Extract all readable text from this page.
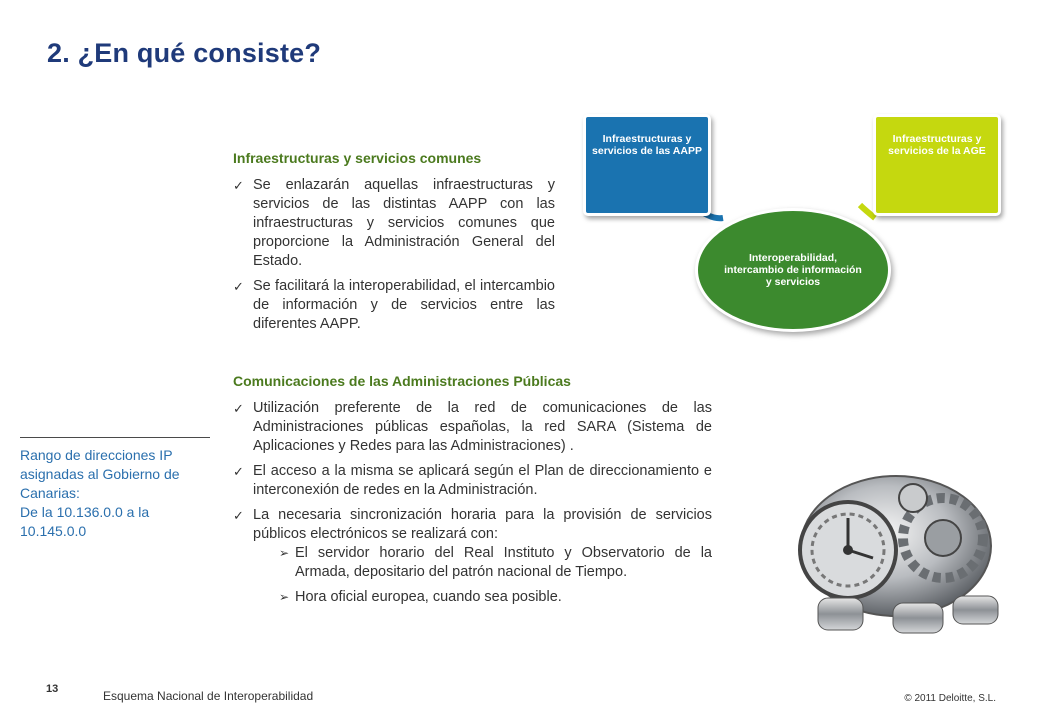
2. ¿En qué consiste?
Infraestructuras y servicios comunes
✓ Se enlazarán aquellas infraestructuras y servicios de las distintas AAPP con las infraestructuras y servicios comunes que proporcione la Administración General del Estado.
✓ Se facilitará la interoperabilidad, el intercambio de información y de servicios entre las diferentes AAPP.
Comunicaciones de las Administraciones Públicas
✓ Utilización preferente de la red de comunicaciones de las Administraciones públicas españolas, la red SARA (Sistema de Aplicaciones y Redes para las Administraciones) .
✓ El acceso a la misma se aplicará según el Plan de direccionamiento e interconexión de redes en la Administración.
✓ La necesaria sincronización horaria para la provisión de servicios públicos electrónicos se realizará con:
➢ El servidor horario del Real Instituto y Observatorio de la Armada, depositario del patrón nacional de Tiempo.
➢ Hora oficial europea, cuando sea posible.
Rango de direcciones IP asignadas al Gobierno de Canarias:
De la 10.136.0.0 a la 10.145.0.0
Infraestructuras y servicios de las AAPP
Interoperabilidad, intercambio de información y servicios
Infraestructuras y servicios de la AGE
13	Esquema Nacional de Interoperabilidad	© 2011 Deloitte, S.L.
